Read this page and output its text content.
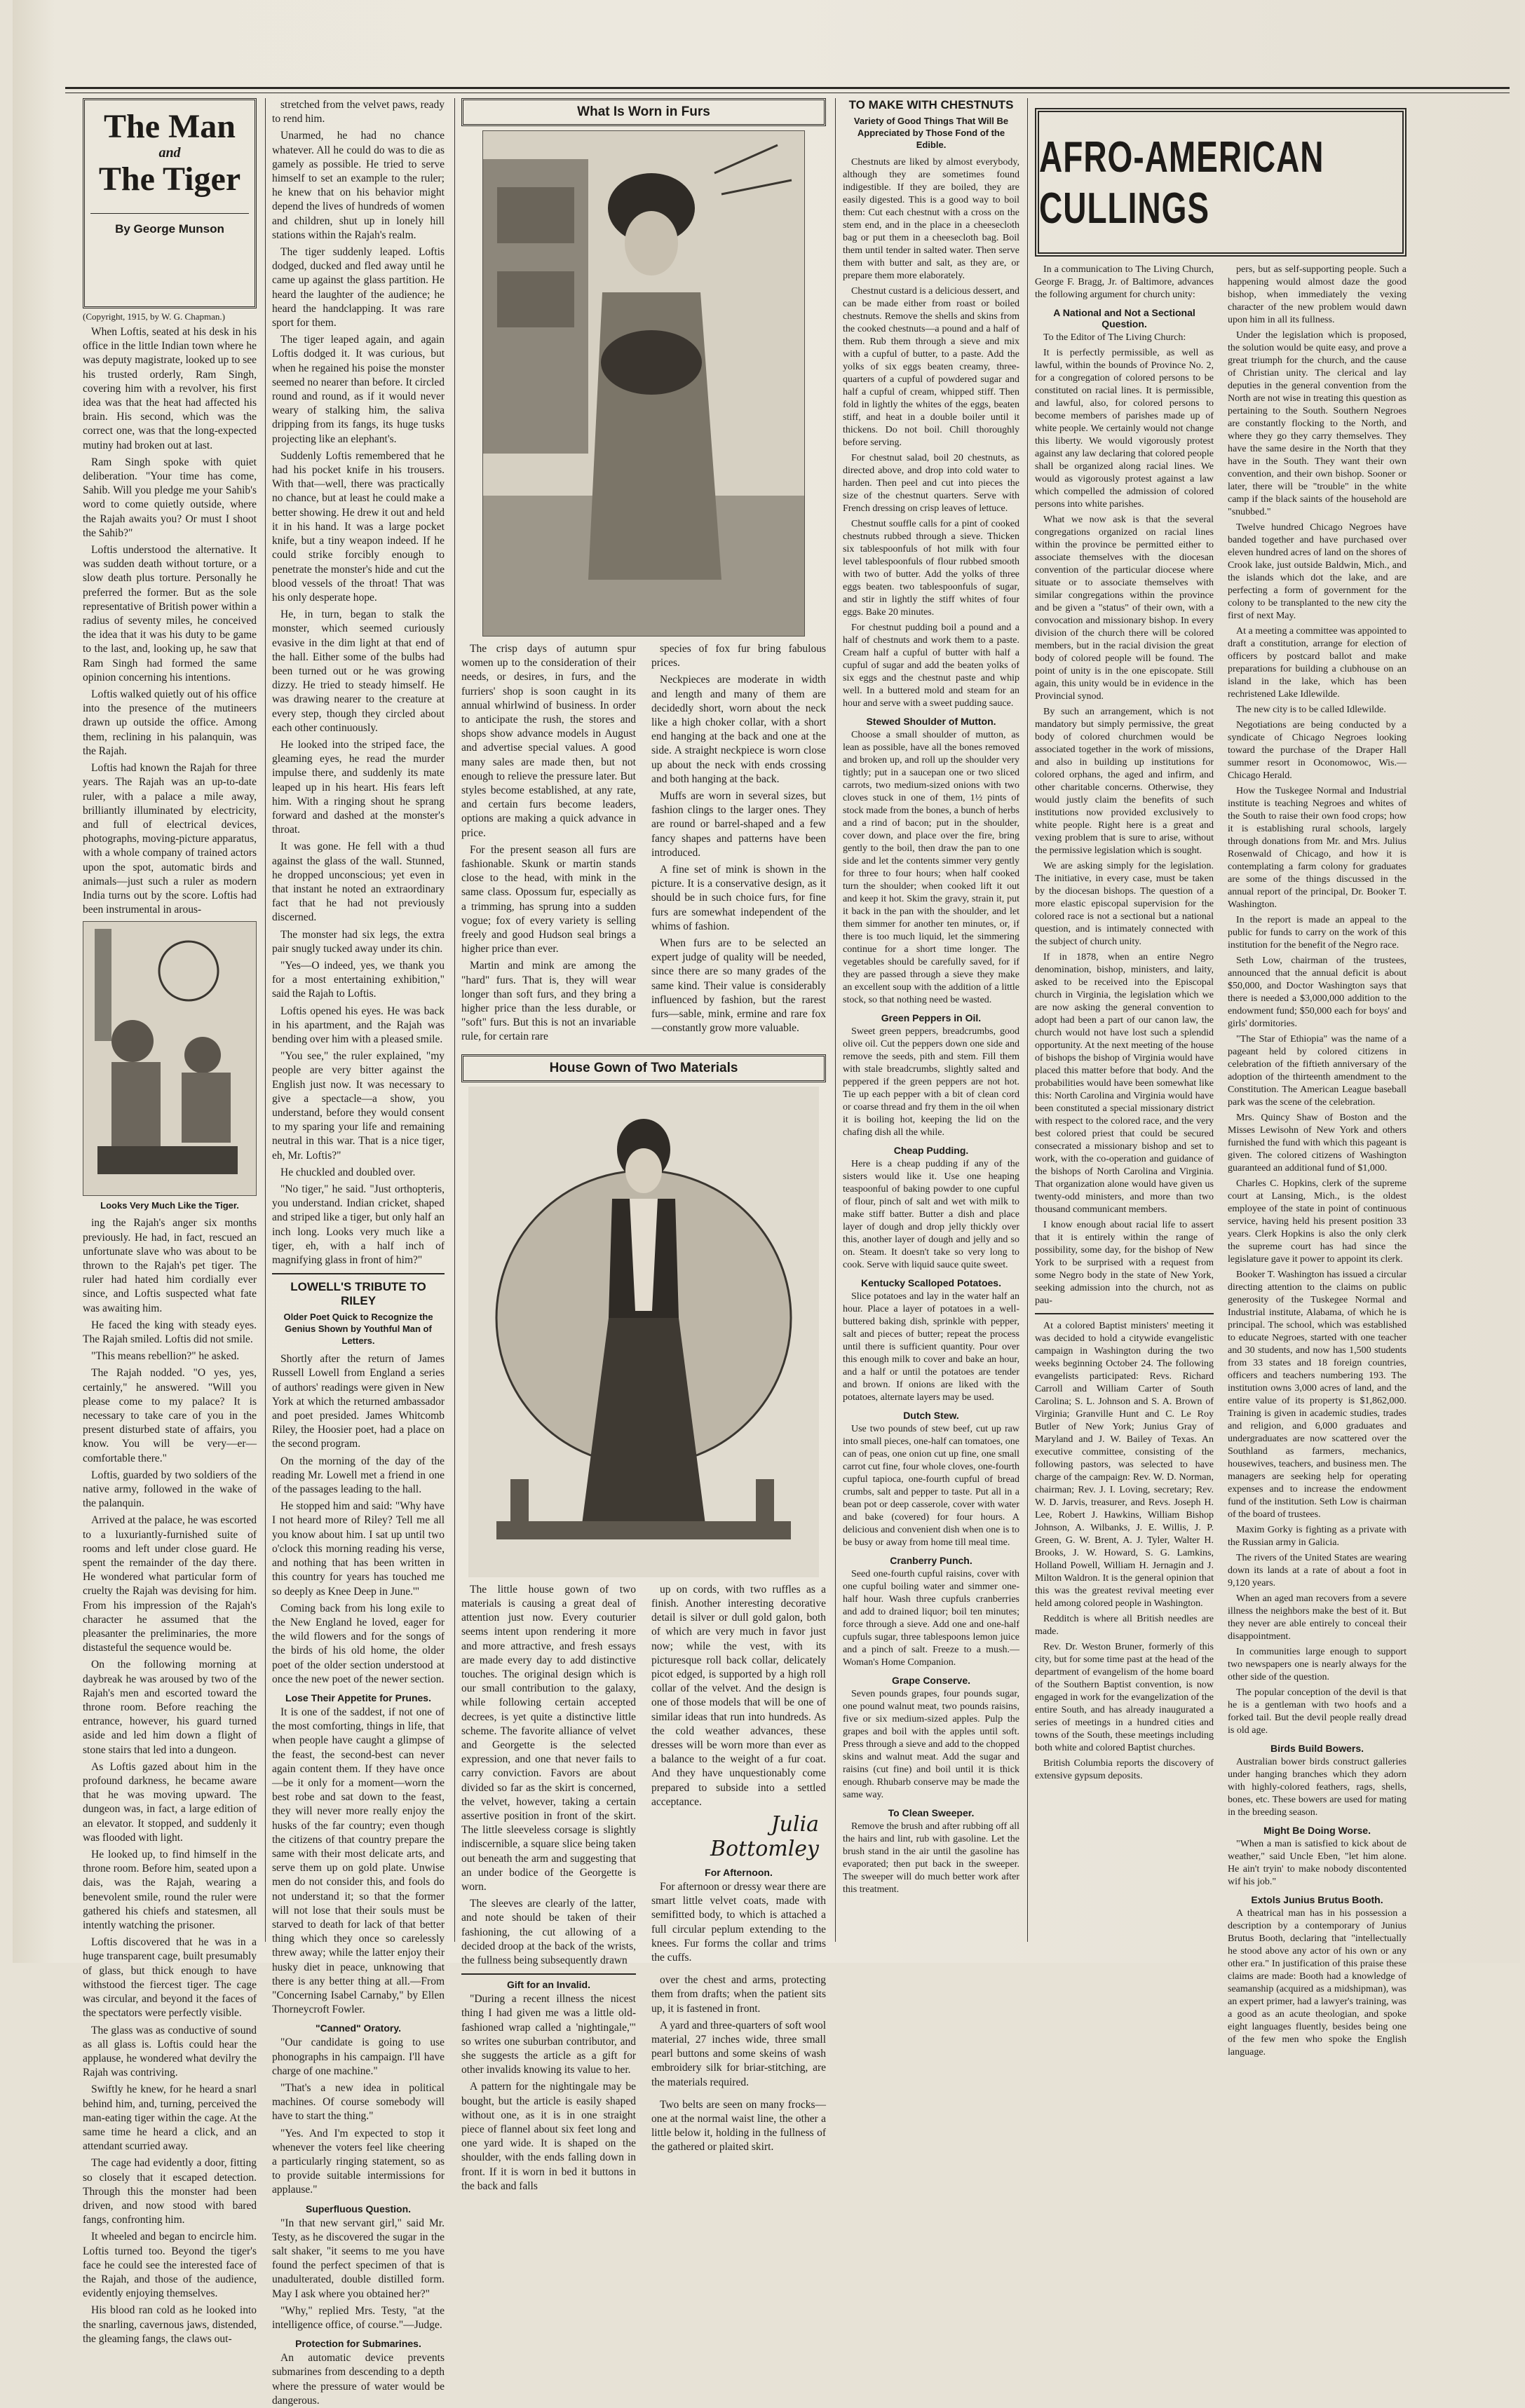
The Man
and
The Tiger
By George Munson

(Copyright, 1915, by W. G. Chapman.)

When Loftis, seated at his desk in his office in the little Indian town where he was deputy magistrate, looked up to see his trusted orderly, Ram Singh, covering him with a revolver, his first idea was that the heat had affected his brain. His second, which was the correct one, was that the long-expected mutiny had broken out at last.

Ram Singh spoke with quiet deliberation. "Your time has come, Sahib. Will you pledge me your Sahib's word to come quietly outside, where the Rajah awaits you? Or must I shoot the Sahib?"

Loftis understood the alternative. It was sudden death without torture, or a slow death plus torture. Personally he preferred the former. But as the sole representative of British power within a radius of seventy miles, he conceived the idea that it was his duty to be game to the last, and, looking up, he saw that Ram Singh had formed the same opinion concerning his intentions.

Loftis walked quietly out of his office into the presence of the mutineers drawn up outside the office. Among them, reclining in his palanquin, was the Rajah.

Loftis had known the Rajah for three years. The Rajah was an up-to-date ruler, with a palace a mile away, brilliantly illuminated by electricity, and full of electrical devices, photographs, moving-picture apparatus, with a whole company of trained actors upon the spot, automatic birds and animals—just such a ruler as modern India turns out by the score. Loftis had been instrumental in arous-

Looks Very Much Like the Tiger.

ing the Rajah's anger six months previously. He had, in fact, rescued an unfortunate slave who was about to be thrown to the Rajah's pet tiger. The ruler had hated him cordially ever since, and Loftis suspected what fate was awaiting him.

He faced the king with steady eyes. The Rajah smiled. Loftis did not smile.

"This means rebellion?" he asked.

The Rajah nodded. "O yes, yes, certainly," he answered. "Will you please come to my palace? It is necessary to take care of you in the present disturbed state of affairs, you know. You will be very—er—comfortable there."

Loftis, guarded by two soldiers of the native army, followed in the wake of the palanquin.

Arrived at the palace, he was escorted to a luxuriantly-furnished suite of rooms and left under close guard. He spent the remainder of the day there. He wondered what particular form of cruelty the Rajah was devising for him. From his impression of the Rajah's character he assumed that the pleasanter the preliminaries, the more distasteful the sequence would be.

On the following morning at daybreak he was aroused by two of the Rajah's men and escorted toward the throne room. Before reaching the entrance, however, his guard turned aside and led him down a flight of stone stairs that led into a dungeon.

As Loftis gazed about him in the profound darkness, he became aware that he was moving upward. The dungeon was, in fact, a large edition of an elevator. It stopped, and suddenly it was flooded with light.

He looked up, to find himself in the throne room. Before him, seated upon a dais, was the Rajah, wearing a benevolent smile, round the ruler were gathered his chiefs and statesmen, all intently watching the prisoner.

Loftis discovered that he was in a huge transparent cage, built presumably of glass, but thick enough to have withstood the fiercest tiger. The cage was circular, and beyond it the faces of the spectators were perfectly visible.

The glass was as conductive of sound as all glass is. Loftis could hear the applause, he wondered what devilry the Rajah was contriving.

Swiftly he knew, for he heard a snarl behind him, and, turning, perceived the man-eating tiger within the cage. At the same time he heard a click, and an attendant scurried away.

The cage had evidently a door, fitting so closely that it escaped detection. Through this the monster had been driven, and now stood with bared fangs, confronting him.

It wheeled and began to encircle him. Loftis turned too. Beyond the tiger's face he could see the interested face of the Rajah, and those of the audience, evidently enjoying themselves.

His blood ran cold as he looked into the snarling, cavernous jaws, distended, the gleaming fangs, the claws out-

stretched from the velvet paws, ready to rend him.

Unarmed, he had no chance whatever. All he could do was to die as gamely as possible. He tried to serve himself to set an example to the ruler; he knew that on his behavior might depend the lives of hundreds of women and children, shut up in lonely hill stations within the Rajah's realm.

The tiger suddenly leaped. Loftis dodged, ducked and fled away until he came up against the glass partition. He heard the laughter of the audience; he heard the handclapping. It was rare sport for them.

The tiger leaped again, and again Loftis dodged it. It was curious, but when he regained his poise the monster seemed no nearer than before. It circled round and round, as if it would never weary of stalking him, the saliva dripping from its fangs, its huge tusks projecting like an elephant's.

Suddenly Loftis remembered that he had his pocket knife in his trousers. With that—well, there was practically no chance, but at least he could make a better showing. He drew it out and held it in his hand. It was a large pocket knife, but a tiny weapon indeed. If he could strike forcibly enough to penetrate the monster's hide and cut the blood vessels of the throat! That was his only desperate hope.

He, in turn, began to stalk the monster, which seemed curiously evasive in the dim light at that end of the hall. Either some of the bulbs had been turned out or he was growing dizzy. He tried to steady himself. He was drawing nearer to the creature at every step, though they circled about each other continuously.

He looked into the striped face, the gleaming eyes, he read the murder impulse there, and suddenly its mate leaped up in his heart. His fears left him. With a ringing shout he sprang forward and dashed at the monster's throat.

It was gone. He fell with a thud against the glass of the wall. Stunned, he dropped unconscious; yet even in that instant he noted an extraordinary fact that he had not previously discerned.

The monster had six legs, the extra pair snugly tucked away under its chin.

"Yes—O indeed, yes, we thank you for a most entertaining exhibition," said the Rajah to Loftis.

Loftis opened his eyes. He was back in his apartment, and the Rajah was bending over him with a pleased smile.

"You see," the ruler explained, "my people are very bitter against the English just now. It was necessary to give a spectacle—a show, you understand, before they would consent to my sparing your life and remaining neutral in this war. That is a nice tiger, eh, Mr. Loftis?"

He chuckled and doubled over.

"No tiger," he said. "Just orthopteris, you understand. Indian cricket, shaped and striped like a tiger, but only half an inch long. Looks very much like a tiger, eh, with a half inch of magnifying glass in front of him?"

LOWELL'S TRIBUTE TO RILEY
Older Poet Quick to Recognize the Genius Shown by Youthful Man of Letters.

Shortly after the return of James Russell Lowell from England a series of authors' readings were given in New York at which the returned ambassador and poet presided. James Whitcomb Riley, the Hoosier poet, had a place on the second program.

On the morning of the day of the reading Mr. Lowell met a friend in one of the passages leading to the hall.

He stopped him and said: "Why have I not heard more of Riley? Tell me all you know about him. I sat up until two o'clock this morning reading his verse, and nothing that has been written in this country for years has touched me so deeply as Knee Deep in June.'"

Coming back from his long exile to the New England he loved, eager for the wild flowers and for the songs of the birds of his old home, the older poet of the older section understood at once the new poet of the newer section.

Lose Their Appetite for Prunes.

It is one of the saddest, if not one of the most comforting, things in life, that when people have caught a glimpse of the feast, the second-best can never again content them. If they have once—be it only for a moment—worn the best robe and sat down to the feast, they will never more really enjoy the husks of the far country; even though the citizens of that country prepare the same with their most delicate arts, and serve them up on gold plate. Unwise men do not consider this, and fools do not understand it; so that the former will not lose that their souls must be starved to death for lack of that better thing which they once so carelessly threw away; while the latter enjoy their husky diet in peace, unknowing that there is any better thing at all.—From "Concerning Isabel Carnaby," by Ellen Thorneycroft Fowler.

"Canned" Oratory.

"Our candidate is going to use phonographs in his campaign. I'll have charge of one machine."

"That's a new idea in political machines. Of course somebody will have to start the thing."

"Yes. And I'm expected to stop it whenever the voters feel like cheering a particularly ringing statement, so as to provide suitable intermissions for applause."

Superfluous Question.

"In that new servant girl," said Mr. Testy, as he discovered the sugar in the salt shaker, "it seems to me you have found the perfect specimen of that is unadulterated, double distilled form. May I ask where you obtained her?"

"Why," replied Mrs. Testy, "at the intelligence office, of course."—Judge.

Protection for Submarines.

An automatic device prevents submarines from descending to a depth where the pressure of water would be dangerous.

What Is Worn in Furs

The crisp days of autumn spur women up to the consideration of their needs, or desires, in furs, and the furriers' shop is soon caught in its annual whirlwind of business. In order to anticipate the rush, the stores and shops show advance models in August and advertise special values. A good many sales are made then, but not enough to relieve the pressure later. But styles become established, at any rate, and certain furs become leaders, options are making a quick advance in price.

For the present season all furs are fashionable. Skunk or martin stands close to the head, with mink in the same class. Opossum fur, especially as a trimming, has sprung into a sudden vogue; fox of every variety is selling freely and good Hudson seal brings a higher price than ever.

Martin and mink are among the "hard" furs. That is, they will wear longer than soft furs, and they bring a higher price than the less durable, or "soft" furs. But this is not an invariable rule, for certain rare

species of fox fur bring fabulous prices.

Neckpieces are moderate in width and length and many of them are decidedly short, worn about the neck like a high choker collar, with a short end hanging at the back and one at the side. A straight neckpiece is worn close up about the neck with ends crossing and both hanging at the back.

Muffs are worn in several sizes, but fashion clings to the larger ones. They are round or barrel-shaped and a few fancy shapes and patterns have been introduced.

A fine set of mink is shown in the picture. It is a conservative design, as it should be in such choice furs, for fine furs are somewhat independent of the whims of fashion.

When furs are to be selected an expert judge of quality will be needed, since there are so many grades of the same kind. Their value is considerably influenced by fashion, but the rarest furs—sable, mink, ermine and rare fox—constantly grow more valuable.

House Gown of Two Materials

The little house gown of two materials is causing a great deal of attention just now. Every couturier seems intent upon rendering it more and more attractive, and fresh essays are made every day to add distinctive touches. The original design which is our small contribution to the galaxy, while following certain accepted decrees, is yet quite a distinctive little scheme. The favorite alliance of velvet and Georgette is the selected expression, and one that never fails to carry conviction. Favors are about divided so far as the skirt is concerned, the velvet, however, taking a certain assertive position in front of the skirt. The little sleeveless corsage is slightly indiscernible, a square slice being taken out beneath the arm and suggesting that an under bodice of the Georgette is worn.

The sleeves are clearly of the latter, and note should be taken of their fashioning, the cut allowing of a decided droop at the back of the wrists, the fullness being subsequently drawn

Gift for an Invalid.

"During a recent illness the nicest thing I had given me was a little old-fashioned wrap called a 'nightingale,'" so writes one suburban contributor, and she suggests the article as a gift for other invalids knowing its value to her.

A pattern for the nightingale may be bought, but the article is easily shaped without one, as it is in one straight piece of flannel about six feet long and one yard wide. It is shaped on the shoulder, with the ends falling down in front. If it is worn in bed it buttons in the back and falls

up on cords, with two ruffles as a finish. Another interesting decorative detail is silver or dull gold galon, both of which are very much in favor just now; while the vest, with its picturesque roll back collar, delicately picot edged, is supported by a high roll collar of the velvet. And the design is one of those models that will be one of similar ideas that run into hundreds. As the cold weather advances, these dresses will be worn more than ever as a balance to the weight of a fur coat. And they have unquestionably come prepared to subside into a settled acceptance.

Julia Bottomley
For Afternoon.

For afternoon or dressy wear there are smart little velvet coats, made with semifitted body, to which is attached a full circular peplum extending to the knees. Fur forms the collar and trims the cuffs.

over the chest and arms, protecting them from drafts; when the patient sits up, it is fastened in front.

A yard and three-quarters of soft wool material, 27 inches wide, three small pearl buttons and some skeins of wash embroidery silk for briar-stitching, are the materials required.

Two belts are seen on many frocks—one at the normal waist line, the other a little below it, holding in the fullness of the gathered or plaited skirt.

TO MAKE WITH CHESTNUTS
Variety of Good Things That Will Be Appreciated by Those Fond of the Edible.

Chestnuts are liked by almost everybody, although they are sometimes found indigestible. If they are boiled, they are easily digested. This is a good way to boil them: Cut each chestnut with a cross on the stem end, and in the place in a cheesecloth bag or put them in a cheesecloth bag. Boil them until tender in salted water. Then serve them with butter and salt, as they are, or prepare them more elaborately.

Chestnut custard is a delicious dessert, and can be made either from roast or boiled chestnuts. Remove the shells and skins from the cooked chestnuts—a pound and a half of them. Rub them through a sieve and mix with a cupful of butter, to a paste. Add the yolks of six eggs beaten creamy, three-quarters of a cupful of powdered sugar and half a cupful of cream, whipped stiff. Then fold in lightly the whites of the eggs, beaten stiff, and heat in a double boiler until it thickens. Do not boil. Chill thoroughly before serving.

For chestnut salad, boil 20 chestnuts, as directed above, and drop into cold water to harden. Then peel and cut into pieces the size of the chestnut quarters. Serve with French dressing on crisp leaves of lettuce.

Chestnut souffle calls for a pint of cooked chestnuts rubbed through a sieve. Thicken six tablespoonfuls of hot milk with four level tablespoonfuls of flour rubbed smooth with two of butter. Add the yolks of three eggs beaten. two tablespoonfuls of sugar, and stir in lightly the stiff whites of four eggs. Bake 20 minutes.

For chestnut pudding boil a pound and a half of chestnuts and work them to a paste. Cream half a cupful of butter with half a cupful of sugar and add the beaten yolks of six eggs and the chestnut paste and whip well. In a buttered mold and steam for an hour and serve with a sweet pudding sauce.

Stewed Shoulder of Mutton.

Choose a small shoulder of mutton, as lean as possible, have all the bones removed and broken up, and roll up the shoulder very tightly; put in a saucepan one or two sliced carrots, two medium-sized onions with two cloves stuck in one of them, 1½ pints of stock made from the bones, a bunch of herbs and a rind of bacon; put in the shoulder, cover down, and place over the fire, bring gently to the boil, then draw the pan to one side and let the contents simmer very gently for three to four hours; when half cooked turn the shoulder; when cooked lift it out and keep it hot. Skim the gravy, strain it, put it back in the pan with the shoulder, and let them simmer for another ten minutes, or, if there is too much liquid, let the simmering continue for a short time longer. The vegetables should be carefully saved, for if they are passed through a sieve they make an excellent soup with the addition of a little stock, so that nothing need be wasted.

Green Peppers in Oil.

Sweet green peppers, breadcrumbs, good olive oil. Cut the peppers down one side and remove the seeds, pith and stem. Fill them with stale breadcrumbs, slightly salted and peppered if the green peppers are not hot. Tie up each pepper with a bit of clean cord or coarse thread and fry them in the oil when it is boiling hot, keeping the lid on the chafing dish all the while.

Cheap Pudding.

Here is a cheap pudding if any of the sisters would like it. Use one heaping teaspoonful of baking powder to one cupful of flour, pinch of salt and wet with milk to make stiff batter. Butter a dish and place layer of dough and drop jelly thickly over this, another layer of dough and jelly and so on. Steam. It doesn't take so very long to cook. Serve with liquid sauce quite sweet.

Kentucky Scalloped Potatoes.

Slice potatoes and lay in the water half an hour. Place a layer of potatoes in a well-buttered baking dish, sprinkle with pepper, salt and pieces of butter; repeat the process until there is sufficient quantity. Pour over this enough milk to cover and bake an hour, and a half or until the potatoes are tender and brown. If onions are liked with the potatoes, alternate layers may be used.

Dutch Stew.

Use two pounds of stew beef, cut up raw into small pieces, one-half can tomatoes, one can of peas, one onion cut up fine, one small carrot cut fine, four whole cloves, one-fourth cupful tapioca, one-fourth cupful of bread crumbs, salt and pepper to taste. Put all in a bean pot or deep casserole, cover with water and bake (covered) for four hours. A delicious and convenient dish when one is to be busy or away from home till meal time.

Cranberry Punch.

Seed one-fourth cupful raisins, cover with one cupful boiling water and simmer one-half hour. Wash three cupfuls cranberries and add to drained liquor; boil ten minutes; force through a sieve. Add one and one-half cupfuls sugar, three tablespoons lemon juice and a pinch of salt. Freeze to a mush.—Woman's Home Companion.

Grape Conserve.

Seven pounds grapes, four pounds sugar, one pound walnut meat, two pounds raisins, five or six medium-sized apples. Pulp the grapes and boil with the apples until soft. Press through a sieve and add to the chopped skins and walnut meat. Add the sugar and raisins (cut fine) and boil until it is thick enough. Rhubarb conserve may be made the same way.

To Clean Sweeper.

Remove the brush and after rubbing off all the hairs and lint, rub with gasoline. Let the brush stand in the air until the gasoline has evaporated; then put back in the sweeper. The sweeper will do much better work after this treatment.

AFRO-AMERICAN CULLINGS

In a communication to The Living Church, George F. Bragg, Jr. of Baltimore, advances the following argument for church unity:

A National and Not a Sectional Question.

To the Editor of The Living Church:

It is perfectly permissible, as well as lawful, within the bounds of Province No. 2, for a congregation of colored persons to be constituted on racial lines. It is permissible, and lawful, also, for colored persons to become members of parishes made up of white people. We certainly would not change this liberty. We would vigorously protest against any law declaring that colored people shall be organized along racial lines. We would as vigorously protest against a law which compelled the admission of colored persons into white parishes.

What we now ask is that the several congregations organized on racial lines within the province be permitted either to associate themselves with the diocesan convention of the particular diocese where situate or to associate themselves with similar congregations within the province and be given a "status" of their own, with a convocation and missionary bishop. In every division of the church there will be colored members, but in the racial division the great body of colored people will be found. The point of unity is in the one episcopate. Still again, this unity would be in evidence in the Provincial synod.

By such an arrangement, which is not mandatory but simply permissive, the great body of colored churchmen would be associated together in the work of missions, and also in building up institutions for colored orphans, the aged and infirm, and other charitable concerns. Otherwise, they would justly claim the benefits of such institutions now provided exclusively to white people. Right here is a great and vexing problem that is sure to arise, without the permissive legislation which is sought.

We are asking simply for the legislation. The initiative, in every case, must be taken by the diocesan bishops. The question of a more elastic episcopal supervision for the colored race is not a sectional but a national question, and is intimately connected with the subject of church unity.

If in 1878, when an entire Negro denomination, bishop, ministers, and laity, asked to be received into the Episcopal church in Virginia, the legislation which we are now asking the general convention to adopt had been a part of our canon law, the church would not have lost such a splendid opportunity. At the next meeting of the house of bishops the bishop of Virginia would have placed this matter before that body. And the probabilities would have been somewhat like this: North Carolina and Virginia would have been constituted a special missionary district with respect to the colored race, and the very best colored priest that could be secured consecrated a missionary bishop and set to work, with the co-operation and guidance of the bishops of North Carolina and Virginia. That organization alone would have given us twenty-odd ministers, and more than two thousand communicant members.

I know enough about racial life to assert that it is entirely within the range of possibility, some day, for the bishop of New York to be surprised with a request from some Negro body in the state of New York, seeking admission into the church, not as pau-

At a colored Baptist ministers' meeting it was decided to hold a citywide evangelistic campaign in Washington during the two weeks beginning October 24. The following evangelists participated: Revs. Richard Carroll and William Carter of South Carolina; S. L. Johnson and S. A. Brown of Virginia; Granville Hunt and C. Le Roy Butler of New York; Junius Gray of Maryland and J. W. Bailey of Texas. An executive committee, consisting of the following pastors, was selected to have charge of the campaign: Rev. W. D. Norman, chairman; Rev. J. I. Loving, secretary; Rev. W. D. Jarvis, treasurer, and Revs. Joseph H. Lee, Robert J. Hawkins, William Bishop Johnson, A. Wilbanks, J. E. Willis, J. P. Green, G. W. Brent, A. J. Tyler, Walter H. Brooks, J. W. Howard, S. G. Lamkins, Holland Powell, William H. Jernagin and J. Milton Waldron. It is the general opinion that this was the greatest revival meeting ever held among colored people in Washington.

Redditch is where all British needles are made.

Rev. Dr. Weston Bruner, formerly of this city, but for some time past at the head of the department of evangelism of the home board of the Southern Baptist convention, is now engaged in work for the evangelization of the entire South, and has already inaugurated a series of meetings in a hundred cities and towns of the South, these meetings including both white and colored Baptist churches.

British Columbia reports the discovery of extensive gypsum deposits.

pers, but as self-supporting people. Such a happening would almost daze the good bishop, when immediately the vexing character of the new problem would dawn upon him in all its fullness.

Under the legislation which is proposed, the solution would be quite easy, and prove a great triumph for the church, and the cause of Christian unity. The clerical and lay deputies in the general convention from the North are not wise in treating this question as pertaining to the South. Southern Negroes are constantly flocking to the North, and where they go they carry themselves. They have the same desire in the North that they have in the South. They want their own convention, and their own bishop. Sooner or later, there will be "trouble" in the white camp if the black saints of the household are "snubbed."

Twelve hundred Chicago Negroes have banded together and have purchased over eleven hundred acres of land on the shores of Crook lake, just outside Baldwin, Mich., and the islands which dot the lake, and are perfecting a form of government for the colony to be transplanted to the new city the first of next May.

At a meeting a committee was appointed to draft a constitution, arrange for election of officers by postcard ballot and make preparations for building a clubhouse on an island in the lake, which has been rechristened Lake Idlewilde.

The new city is to be called Idlewilde.

Negotiations are being conducted by a syndicate of Chicago Negroes looking toward the purchase of the Draper Hall summer resort in Oconomowoc, Wis.—Chicago Herald.

How the Tuskegee Normal and Industrial institute is teaching Negroes and whites of the South to raise their own food crops; how it is establishing rural schools, largely through donations from Mr. and Mrs. Julius Rosenwald of Chicago, and how it is contemplating a farm colony for graduates are some of the things discussed in the annual report of the principal, Dr. Booker T. Washington.

In the report is made an appeal to the public for funds to carry on the work of this institution for the benefit of the Negro race.

Seth Low, chairman of the trustees, announced that the annual deficit is about $50,000, and Doctor Washington says that there is needed a $3,000,000 addition to the endowment fund; $50,000 each for boys' and girls' dormitories.

"The Star of Ethiopia" was the name of a pageant held by colored citizens in celebration of the fiftieth anniversary of the adoption of the thirteenth amendment to the Constitution. The American League baseball park was the scene of the celebration.

Mrs. Quincy Shaw of Boston and the Misses Lewisohn of New York and others furnished the fund with which this pageant is given. The colored citizens of Washington guaranteed an additional fund of $1,000.

Charles C. Hopkins, clerk of the supreme court at Lansing, Mich., is the oldest employee of the state in point of continuous service, having held his present position 33 years. Clerk Hopkins is also the only clerk the supreme court has had since the legislature gave it power to appoint its clerk.

Booker T. Washington has issued a circular directing attention to the claims on public generosity of the Tuskegee Normal and Industrial institute, Alabama, of which he is principal. The school, which was established to educate Negroes, started with one teacher and 30 students, and now has 1,500 students from 33 states and 18 foreign countries, officers and teachers numbering 193. The institution owns 3,000 acres of land, and the entire value of its property is $1,862,000. Training is given in academic studies, trades and religion, and 6,000 graduates and undergraduates are now scattered over the Southland as farmers, mechanics, housewives, teachers, and business men. The managers are seeking help for operating expenses and to increase the endowment fund of the institution. Seth Low is chairman of the board of trustees.

Maxim Gorky is fighting as a private with the Russian army in Galicia.

The rivers of the United States are wearing down its lands at a rate of about a foot in 9,120 years.

When an aged man recovers from a severe illness the neighbors make the best of it. But they never are able entirely to conceal their disappointment.

In communities large enough to support two newspapers one is nearly always for the other side of the question.

The popular conception of the devil is that he is a gentleman with two hoofs and a forked tail. But the devil people really dread is old age.

Birds Build Bowers.

Australian bower birds construct galleries under hanging branches which they adorn with highly-colored feathers, rags, shells, bones, etc. These bowers are used for mating in the breeding season.

Might Be Doing Worse.

"When a man is satisfied to kick about de weather," said Uncle Eben, "let him alone. He ain't tryin' to make nobody discontented wif his job."

Extols Junius Brutus Booth.

A theatrical man has in his possession a description by a contemporary of Junius Brutus Booth, declaring that "intellectually he stood above any actor of his own or any other era." In justification of this praise these claims are made: Booth had a knowledge of seamanship (acquired as a midshipman), was an expert primer, had a lawyer's training, was a good as an acute theologian, and spoke eight languages fluently, besides being one of the few men who spoke the English language.
